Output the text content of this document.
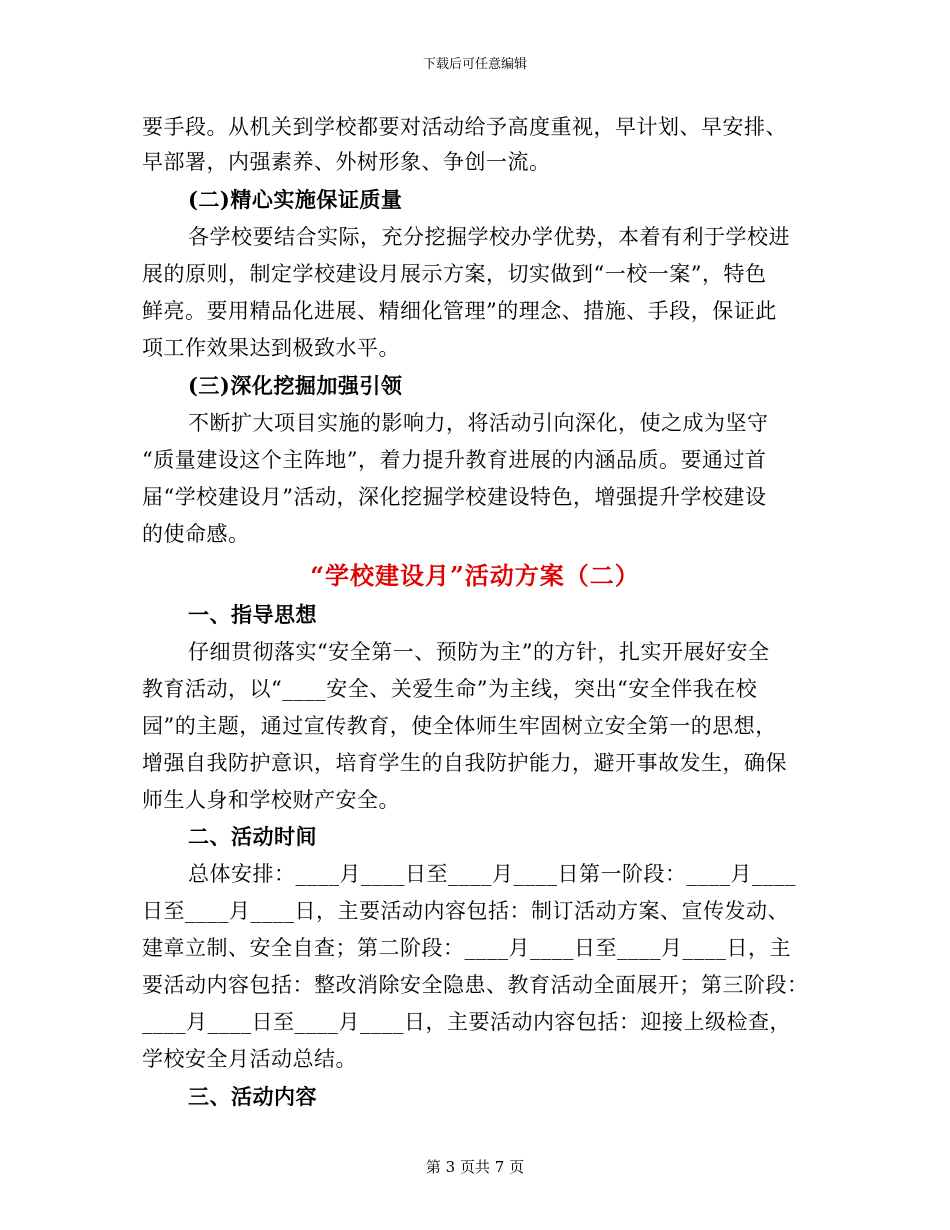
下载后可任意编辑
要手段。从机关到学校都要对活动给予高度重视，早计划、早安排、
早部署，内强素养、外树形象、争创一流。
(二)精心实施保证质量
各学校要结合实际，充分挖掘学校办学优势，本着有利于学校进
展的原则，制定学校建设月展示方案，切实做到“一校一案”，特色
鲜亮。要用精品化进展、精细化管理”的理念、措施、手段，保证此
项工作效果达到极致水平。
(三)深化挖掘加强引领
不断扩大项目实施的影响力，将活动引向深化，使之成为坚守
“质量建设这个主阵地”，着力提升教育进展的内涵品质。要通过首
届“学校建设月”活动，深化挖掘学校建设特色，增强提升学校建设
的使命感。
“学校建设月”活动方案（二）
一、指导思想
仔细贯彻落实“安全第一、预防为主”的方针，扎实开展好安全
教育活动，以“____安全、关爱生命”为主线，突出“安全伴我在校
园”的主题，通过宣传教育，使全体师生牢固树立安全第一的思想，
增强自我防护意识，培育学生的自我防护能力，避开事故发生，确保
师生人身和学校财产安全。
二、活动时间
总体安排：____月____日至____月____日第一阶段：____月____
日至____月____日，主要活动内容包括：制订活动方案、宣传发动、
建章立制、安全自查；第二阶段：____月____日至____月____日，主
要活动内容包括：整改消除安全隐患、教育活动全面展开；第三阶段：
____月____日至____月____日，主要活动内容包括：迎接上级检查，
学校安全月活动总结。
三、活动内容
第 3 页共 7 页
